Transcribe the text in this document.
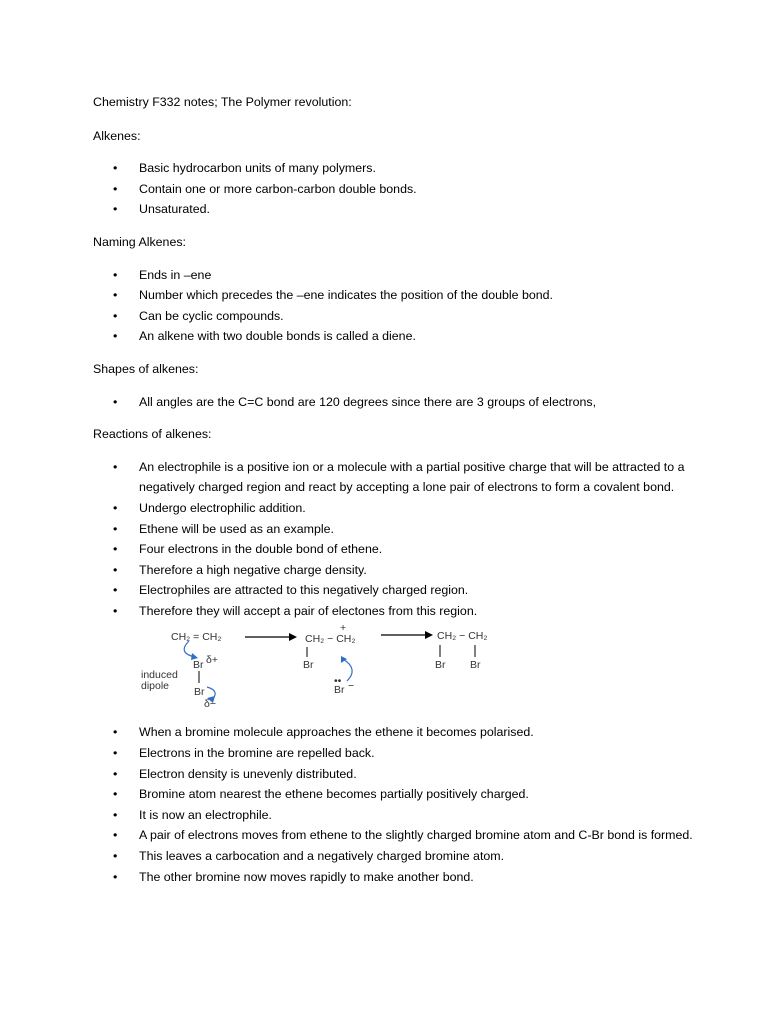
Chemistry F332 notes; The Polymer revolution:

Alkenes:

• Basic hydrocarbon units of many polymers.
• Contain one or more carbon-carbon double bonds.
• Unsaturated.

Naming Alkenes:

• Ends in –ene
• Number which precedes the –ene indicates the position of the double bond.
• Can be cyclic compounds.
• An alkene with two double bonds is called a diene.

Shapes of alkenes:

• All angles are the C=C bond are 120 degrees since there are 3 groups of electrons,

Reactions of alkenes:

• An electrophile is a positive ion or a molecule with a partial positive charge that will be attracted to a negatively charged region and react by accepting a lone pair of electrons to form a covalent bond.
• Undergo electrophilic addition.
• Ethene will be used as an example.
• Four electrons in the double bond of ethene.
• Therefore a high negative charge density.
• Electrophiles are attracted to this negatively charged region.
• Therefore they will accept a pair of electones from this region.
CH₂ = CH₂
Br δ+
induced
dipole Br
δ−
CH₂ − CH₂
+
Br
••
Br −
CH₂ − CH₂
Br Br
• When a bromine molecule approaches the ethene it becomes polarised.
• Electrons in the bromine are repelled back.
• Electron density is unevenly distributed.
• Bromine atom nearest the ethene becomes partially positively charged.
• It is now an electrophile.
• A pair of electrons moves from ethene to the slightly charged bromine atom and C-Br bond is formed.
• This leaves a carbocation and a negatively charged bromine atom.
• The other bromine now moves rapidly to make another bond.
